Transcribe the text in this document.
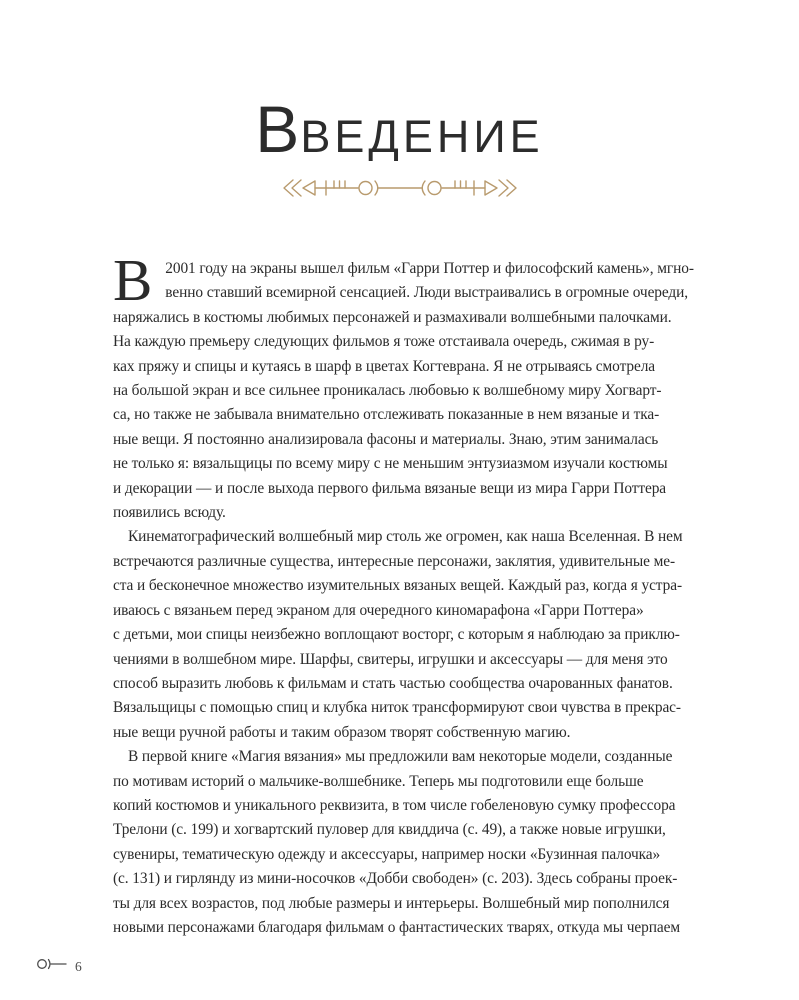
ВВЕДЕНИЕ

В 2001 году на экраны вышел фильм «Гарри Поттер и философский камень», мгно-
венно ставший всемирной сенсацией. Люди выстраивались в огромные очереди,
наряжались в костюмы любимых персонажей и размахивали волшебными палочками.
На каждую премьеру следующих фильмов я тоже отстаивала очередь, сжимая в ру-
ках пряжу и спицы и кутаясь в шарф в цветах Когтеврана. Я не отрываясь смотрела
на большой экран и все сильнее проникалась любовью к волшебному миру Хогварт-
са, но также не забывала внимательно отслеживать показанные в нем вязаные и тка-
ные вещи. Я постоянно анализировала фасоны и материалы. Знаю, этим занималась
не только я: вязальщицы по всему миру с не меньшим энтузиазмом изучали костюмы
и декорации — и после выхода первого фильма вязаные вещи из мира Гарри Поттера
появились всюду.

Кинематографический волшебный мир столь же огромен, как наша Вселенная. В нем
встречаются различные существа, интересные персонажи, заклятия, удивительные ме-
ста и бесконечное множество изумительных вязаных вещей. Каждый раз, когда я устра-
иваюсь с вязаньем перед экраном для очередного киномарафона «Гарри Поттера»
с детьми, мои спицы неизбежно воплощают восторг, с которым я наблюдаю за приклю-
чениями в волшебном мире. Шарфы, свитеры, игрушки и аксессуары — для меня это
способ выразить любовь к фильмам и стать частью сообщества очарованных фанатов.
Вязальщицы с помощью спиц и клубка ниток трансформируют свои чувства в прекрас-
ные вещи ручной работы и таким образом творят собственную магию.

В первой книге «Магия вязания» мы предложили вам некоторые модели, созданные
по мотивам историй о мальчике-волшебнике. Теперь мы подготовили еще больше
копий костюмов и уникального реквизита, в том числе гобеленовую сумку профессора
Трелони (с. 199) и хогвартский пуловер для квиддича (с. 49), а также новые игрушки,
сувениры, тематическую одежду и аксессуары, например носки «Бузинная палочка»
(с. 131) и гирлянду из мини-носочков «Добби свободен» (с. 203). Здесь собраны проек-
ты для всех возрастов, под любые размеры и интерьеры. Волшебный мир пополнился
новыми персонажами благодаря фильмам о фантастических тварях, откуда мы черпаем

6
